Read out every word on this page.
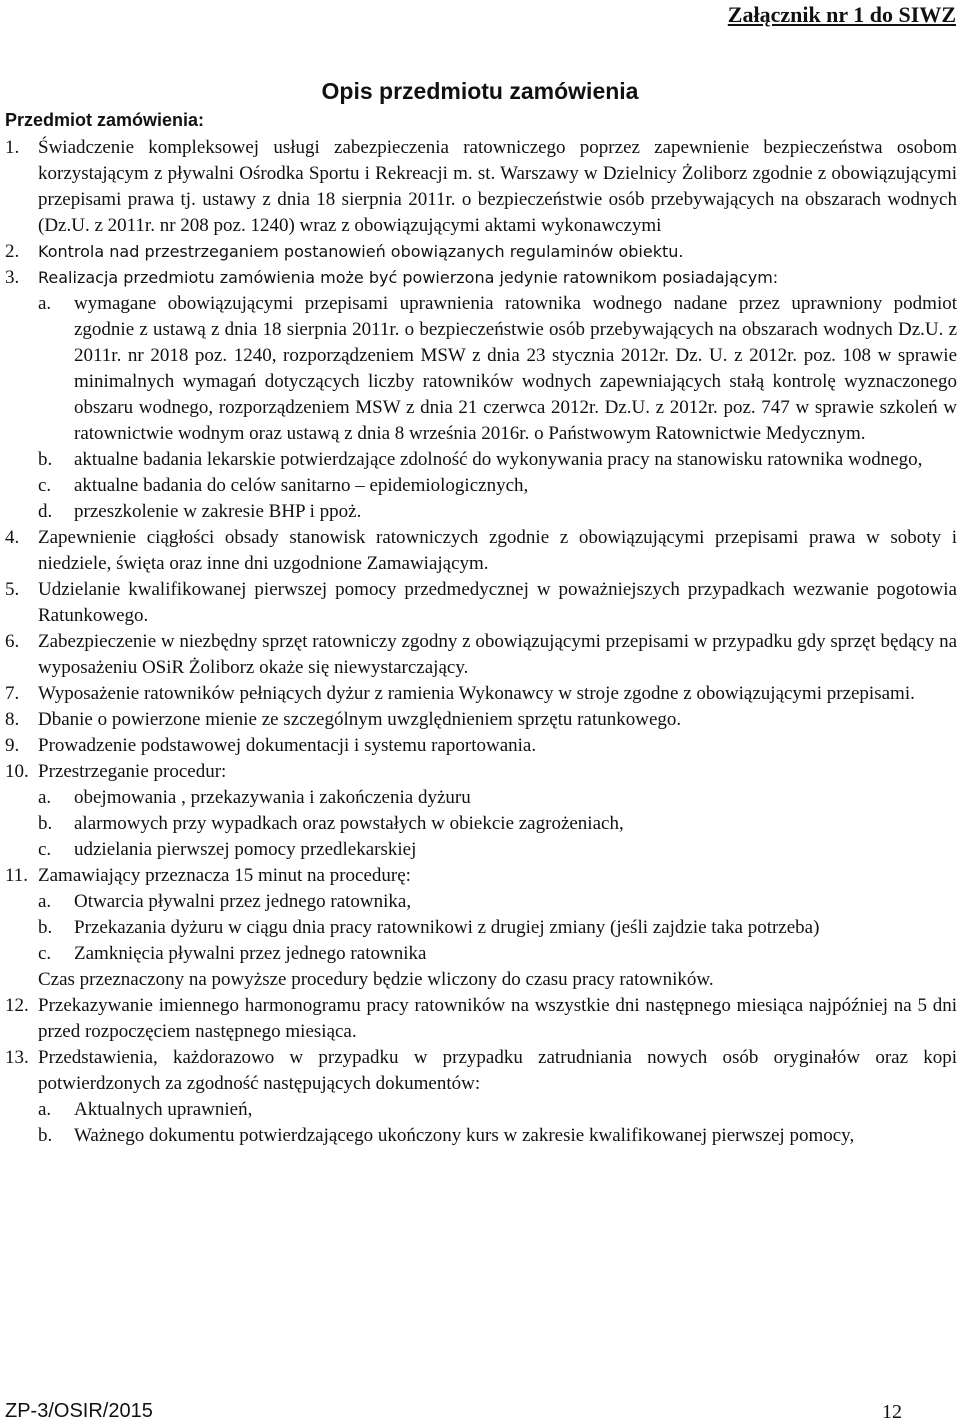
Załącznik nr 1 do SIWZ
Opis przedmiotu zamówienia
Przedmiot zamówienia:
1. Świadczenie kompleksowej usługi zabezpieczenia ratowniczego poprzez zapewnienie bezpieczeństwa osobom korzystającym z pływalni Ośrodka Sportu i Rekreacji m. st. Warszawy w Dzielnicy Żoliborz zgodnie z obowiązującymi przepisami prawa tj. ustawy z dnia 18 sierpnia 2011r. o bezpieczeństwie osób przebywających na obszarach wodnych (Dz.U. z 2011r. nr 208 poz. 1240) wraz z obowiązującymi aktami wykonawczymi
2. Kontrola nad przestrzeganiem postanowień obowiązanych regulaminów obiektu.
3. Realizacja przedmiotu zamówienia może być powierzona jedynie ratownikom posiadającym:
a. wymagane obowiązującymi przepisami uprawnienia ratownika wodnego nadane przez uprawniony podmiot zgodnie z ustawą z dnia 18 sierpnia 2011r. o bezpieczeństwie osób przebywających na obszarach wodnych Dz.U. z 2011r. nr 2018 poz. 1240, rozporządzeniem MSW z dnia 23 stycznia 2012r. Dz. U. z 2012r. poz. 108 w sprawie minimalnych wymagań dotyczących liczby ratowników wodnych zapewniających stałą kontrolę wyznaczonego obszaru wodnego, rozporządzeniem MSW z dnia 21 czerwca 2012r. Dz.U. z 2012r. poz. 747 w sprawie szkoleń w ratownictwie wodnym oraz ustawą z dnia 8 września 2016r. o Państwowym Ratownictwie Medycznym.
b. aktualne badania lekarskie potwierdzające zdolność do wykonywania pracy na stanowisku ratownika wodnego,
c. aktualne badania do celów sanitarno – epidemiologicznych,
d. przeszkolenie w zakresie BHP i ppoż.
4. Zapewnienie ciągłości obsady stanowisk ratowniczych zgodnie z obowiązującymi przepisami prawa w soboty i niedziele, święta oraz inne dni uzgodnione Zamawiającym.
5. Udzielanie kwalifikowanej pierwszej pomocy przedmedycznej w poważniejszych przypadkach wezwanie pogotowia Ratunkowego.
6. Zabezpieczenie w niezbędny sprzęt ratowniczy zgodny z obowiązującymi przepisami w przypadku gdy sprzęt będący na wyposażeniu OSiR Żoliborz okaże się niewystarczający.
7. Wyposażenie ratowników pełniących dyżur z ramienia Wykonawcy w stroje zgodne z obowiązującymi przepisami.
8. Dbanie o powierzone mienie ze szczególnym uwzględnieniem sprzętu ratunkowego.
9. Prowadzenie podstawowej dokumentacji i systemu raportowania.
10. Przestrzeganie procedur:
a. obejmowania , przekazywania i zakończenia dyżuru
b. alarmowych przy wypadkach oraz powstałych w obiekcie zagrożeniach,
c. udzielania pierwszej pomocy przedlekarskiej
11. Zamawiający przeznacza 15 minut na procedurę:
a. Otwarcia pływalni przez jednego ratownika,
b. Przekazania dyżuru w ciągu dnia pracy ratownikowi z drugiej zmiany (jeśli zajdzie taka potrzeba)
c. Zamknięcia pływalni przez jednego ratownika
Czas przeznaczony na powyższe procedury będzie wliczony do czasu pracy ratowników.
12. Przekazywanie imiennego harmonogramu pracy ratowników na wszystkie dni następnego miesiąca najpóźniej na 5 dni przed rozpoczęciem następnego miesiąca.
13. Przedstawienia, każdorazowo w przypadku w przypadku zatrudniania nowych osób oryginałów oraz kopi potwierdzonych za zgodność następujących dokumentów:
a. Aktualnych uprawnień,
b. Ważnego dokumentu potwierdzającego ukończony kurs w zakresie kwalifikowanej pierwszej pomocy,
ZP-3/OSIR/2015	12
